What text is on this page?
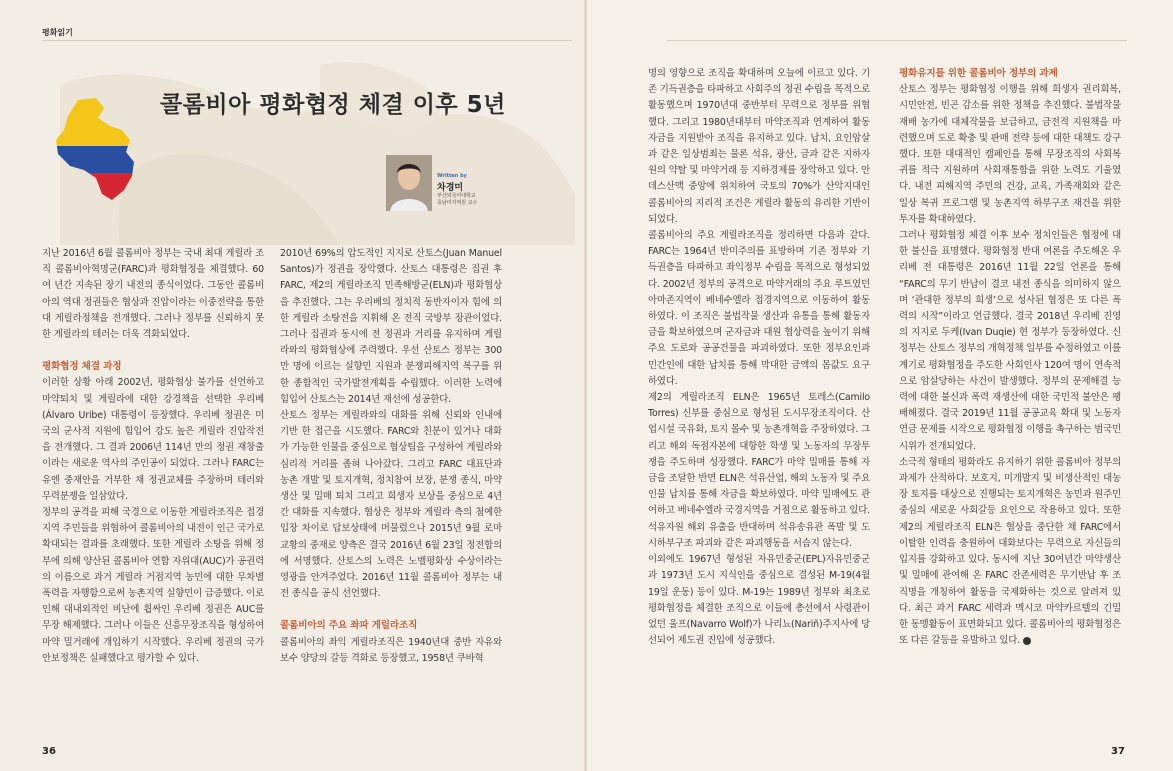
평화읽기
콜롬비아 평화협정 체결 이후 5년
Written by
차경미
부산외국어대학교
중남미지역원 교수

지난 2016년 6월 콜롬비아 정부는 국내 최대 게릴라 조직 콜롬비아혁명군(FARC)과 평화협정을 체결했다. 60여 년간 지속된 장기 내전의 종식이었다. 그동안 콜롬비아의 역대 정권들은 협상과 진압이라는 이중전략을 통한 대 게릴라정책을 전개했다. 그러나 정부를 신뢰하지 못한 게릴라의 테러는 더욱 격화되었다.

평화협정 체결 과정

이러한 상황 아래 2002년, 평화협상 불가를 선언하고 마약퇴치 및 게릴라에 대한 강경책을 선택한 우리베(Álvaro Uribe) 대통령이 등장했다. 우리베 정권은 미국의 군사적 지원에 힘입어 강도 높은 게릴라 진압작전을 전개했다. 그 결과 2006년 114년 만의 정권 재창출이라는 새로운 역사의 주인공이 되었다. 그러나 FARC는 유엔 중재안을 거부한 채 정권교체를 주장하며 테러와 무력분쟁을 일삼았다.

정부의 공격을 피해 국경으로 이동한 게릴라조직은 접경지역 주민들을 위협하여 콜롬비아의 내전이 인근 국가로 확대되는 결과를 초래했다. 또한 게릴라 소탕을 위해 정부에 의해 양산된 콜롬비아 연합 자위대(AUC)가 공권력의 이름으로 과거 게릴라 거점지역 농민에 대한 무차별 폭력을 자행함으로써 농촌지역 실향민이 급증했다. 이로 인해 대내외적인 비난에 휩싸인 우리베 정권은 AUC를 무장 해제했다. 그러나 이들은 신흥무장조직을 형성하여 마약 밀거래에 개입하기 시작했다. 우리베 정권의 국가안보정책은 실패했다고 평가할 수 있다.

2010년 69%의 압도적인 지지로 산토스(Juan Manuel Santos)가 정권을 장악했다. 산토스 대통령은 집권 후 FARC, 제2의 게릴라조직 민족해방군(ELN)과 평화협상을 추진했다. 그는 우리베의 정치적 동반자이자 힘에 의한 게릴라 소탕전을 지휘해 온 전직 국방부 장관이었다. 그러나 집권과 동시에 전 정권과 거리를 유지하며 게릴라와의 평화협상에 주력했다. 우선 산토스 정부는 300만 명에 이르는 실향민 지원과 분쟁피해지역 복구를 위한 종합적인 국가발전계획을 수립했다. 이러한 노력에 힘입어 산토스는 2014년 재선에 성공한다.

산토스 정부는 게릴라와의 대화를 위해 신뢰와 인내에 기반 한 접근을 시도했다. FARC와 친분이 있거나 대화가 가능한 인물을 중심으로 협상팀을 구성하여 게릴라와 심리적 거리를 좁혀 나아갔다. 그리고 FARC 대표단과 농촌 개발 및 토지개혁, 정치참여 보장, 분쟁 종식, 마약 생산 및 밀매 퇴치 그리고 희생자 보상을 중심으로 4년간 대화를 지속했다. 협상은 정부와 게릴라 측의 첨예한 입장 차이로 답보상태에 머물렀으나 2015년 9월 로마 교황의 중재로 양측은 결국 2016년 6월 23일 정전합의에 서명했다. 산토스의 노력은 노벨평화상 수상이라는 영광을 안겨주었다. 2016년 11월 콜롬비아 정부는 내전 종식을 공식 선언했다.

콜롬비아의 주요 좌파 게릴라조직

콜롬비아의 좌익 게릴라조직은 1940년대 중반 자유와 보수 양당의 갈등 격화로 등장했고, 1958년 쿠바혁

36

명의 영향으로 조직을 확대하며 오늘에 이르고 있다. 기존 기득권층을 타파하고 사회주의 정권 수립을 목적으로 활동했으며 1970년대 중반부터 무력으로 정부를 위협했다. 그리고 1980년대부터 마약조직과 연계하여 활동자금을 지원받아 조직을 유지하고 있다. 납치, 요인암살과 같은 일상범죄는 물론 석유, 광산, 금과 같은 지하자원의 약탈 및 마약거래 등 지하경제를 장악하고 있다. 안데스산맥 중앙에 위치하여 국토의 70%가 산악지대인 콜롬비아의 지리적 조건은 게릴라 활동의 유리한 기반이 되었다.

콜롬비아의 주요 게릴라조직을 정리하면 다음과 같다. FARC는 1964년 반미주의를 표방하며 기존 정부와 기득권층을 타파하고 좌익정부 수립을 목적으로 형성되었다. 2002년 정부의 공격으로 마약거래의 주요 루트였던 아마존지역이 베네수엘라 접경지역으로 이동하여 활동하였다. 이 조직은 불법작물 생산과 유통을 통해 활동자금을 확보하였으며 군자금과 대원 협상력을 높이기 위해 주요 도로와 공공건물을 파괴하였다. 또한 정부요인과 민간인에 대한 납치를 통해 막대한 금액의 몸값도 요구하였다.

제2의 게릴라조직 ELN은 1965년 토레스(Camilo Torres) 신부를 중심으로 형성된 도시무장조직이다. 산업시설 국유화, 토지 몰수 및 농촌개혁을 주장하였다. 그리고 해외 독점자본에 대항한 학생 및 노동자의 무장투쟁을 주도하며 성장했다. FARC가 마약 밀매를 통해 자금을 조달한 반면 ELN은 석유산업, 해외 노동자 및 주요인물 납치를 통해 자금을 확보하였다. 마약 밀매에도 관여하고 베네수엘라 국경지역을 거점으로 활동하고 있다. 석유자원 해외 유출을 반대하며 석유송유관 폭발 및 도시하부구조 파괴와 같은 파괴행동을 서슴지 않는다.

이외에도 1967년 형성된 자유민중군(EPL)자유민중군과 1973년 도시 지식인을 중심으로 결성된 M-19(4월 19일 운동) 등이 있다. M-19는 1989년 정부와 최초로 평화협정을 체결한 조직으로 이들에 총선에서 사령관이었던 울프(Navarro Wolf)가 나리뇨(Nariñ)주지사에 당선되어 제도권 진입에 성공했다.

평화유지를 위한 콜롬비아 정부의 과제

산토스 정부는 평화협정 이행을 위해 희생자 권리회복, 시민안전, 빈곤 감소를 위한 정책을 추진했다. 불법작물재배 농가에 대체작물을 보급하고, 금전적 지원책을 마련했으며 도로 확충 및 판매 전략 등에 대한 대책도 강구했다. 또한 대대적인 캠페인을 통해 무장조직의 사회복귀를 적극 지원하며 사회재통합을 위한 노력도 기울였다. 내전 피해지역 주민의 건강, 교육, 가족재회와 같은 일상 복귀 프로그램 및 농촌지역 하부구조 재건을 위한 투자를 확대하였다.

그러나 평화협정 체결 이후 보수 정치인들은 협정에 대한 불신을 표명했다. 평화협정 반대 여론을 주도해온 우리베 전 대통령은 2016년 11월 22일 언론을 통해 “FARC의 무기 반납이 결코 내전 종식을 의미하지 않으며 ‘관대한 정부의 희생’으로 성사된 협정은 또 다른 폭력의 시작”이라고 언급했다. 결국 2018년 우리베 진영의 지지로 두케(Ivan Duqie) 현 정부가 등장하였다. 신정부는 산토스 정부의 개혁정책 일부를 수정하였고 이를 계기로 평화협정을 주도한 사회인사 120여 명이 연속적으로 암살당하는 사건이 발생했다. 정부의 문제해결 능력에 대한 불신과 폭력 재생산에 대한 국민적 불안은 팽배해졌다. 결국 2019년 11월 공공교육 확대 및 노동자 연금 문제를 시작으로 평화협정 이행을 촉구하는 범국민 시위가 전개되었다.

소극적 형태의 평화라도 유지하기 위한 콜롬비아 정부의 과제가 산적하다. 보호지, 미개발지 및 비생산적인 대농장 토지를 대상으로 진행되는 토지개혁은 농민과 원주민 중심의 새로운 사회갈등 요인으로 작용하고 있다. 또한 제2의 게릴라조직 ELN은 협상을 중단한 채 FARC에서 이탈한 인력을 충원하여 대화보다는 무력으로 자신들의 입지를 강화하고 있다. 동시에 지난 30여년간 마약생산 및 밀매에 관여해 온 FARC 잔존세력은 무기반납 후 조직명을 개칭하여 활동을 국제화하는 것으로 알려져 있다. 최근 과거 FARC 세력과 멕시코 마약카르텔의 긴밀한 동맹활동이 표면화되고 있다. 콜롬비아의 평화협정은 또 다른 갈등을 유발하고 있다.

37
